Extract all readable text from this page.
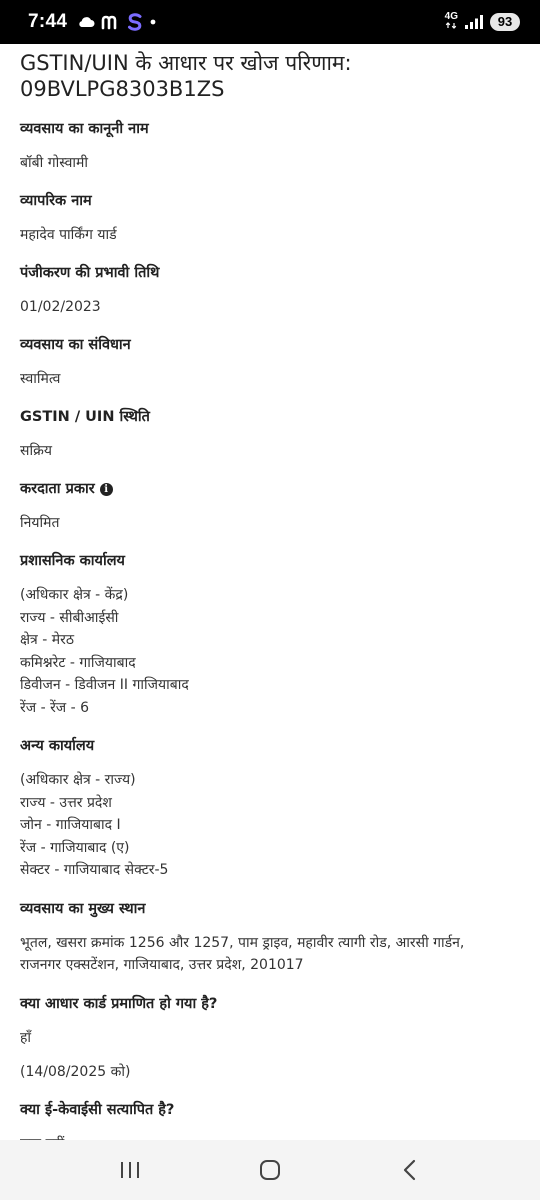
7:44	4G	93
GSTIN/UIN के आधार पर खोज परिणाम:
09BVLPG8303B1ZS
व्यवसाय का कानूनी नाम
बॉबी गोस्वामी
व्यापरिक नाम
महादेव पार्किंग यार्ड
पंजीकरण की प्रभावी तिथि
01/02/2023
व्यवसाय का संविधान
स्वामित्व
GSTIN / UIN स्थिति
सक्रिय
करदाता प्रकार i
नियमित
प्रशासनिक कार्यालय
(अधिकार क्षेत्र - केंद्र)
राज्य - सीबीआईसी
क्षेत्र - मेरठ
कमिश्नरेट - गाजियाबाद
डिवीजन - डिवीजन II गाजियाबाद
रेंज - रेंज - 6
अन्य कार्यालय
(अधिकार क्षेत्र - राज्य)
राज्य - उत्तर प्रदेश
जोन - गाजियाबाद I
रेंज - गाजियाबाद (ए)
सेक्टर - गाजियाबाद सेक्टर-5
व्यवसाय का मुख्य स्थान
भूतल, खसरा क्रमांक 1256 और 1257, पाम ड्राइव, महावीर त्यागी रोड, आरसी गार्डन,
राजनगर एक्सटेंशन, गाजियाबाद, उत्तर प्रदेश, 201017
क्या आधार कार्ड प्रमाणित हो गया है?
हाँ
(14/08/2025 को)
क्या ई-केवाईसी सत्यापित है?
